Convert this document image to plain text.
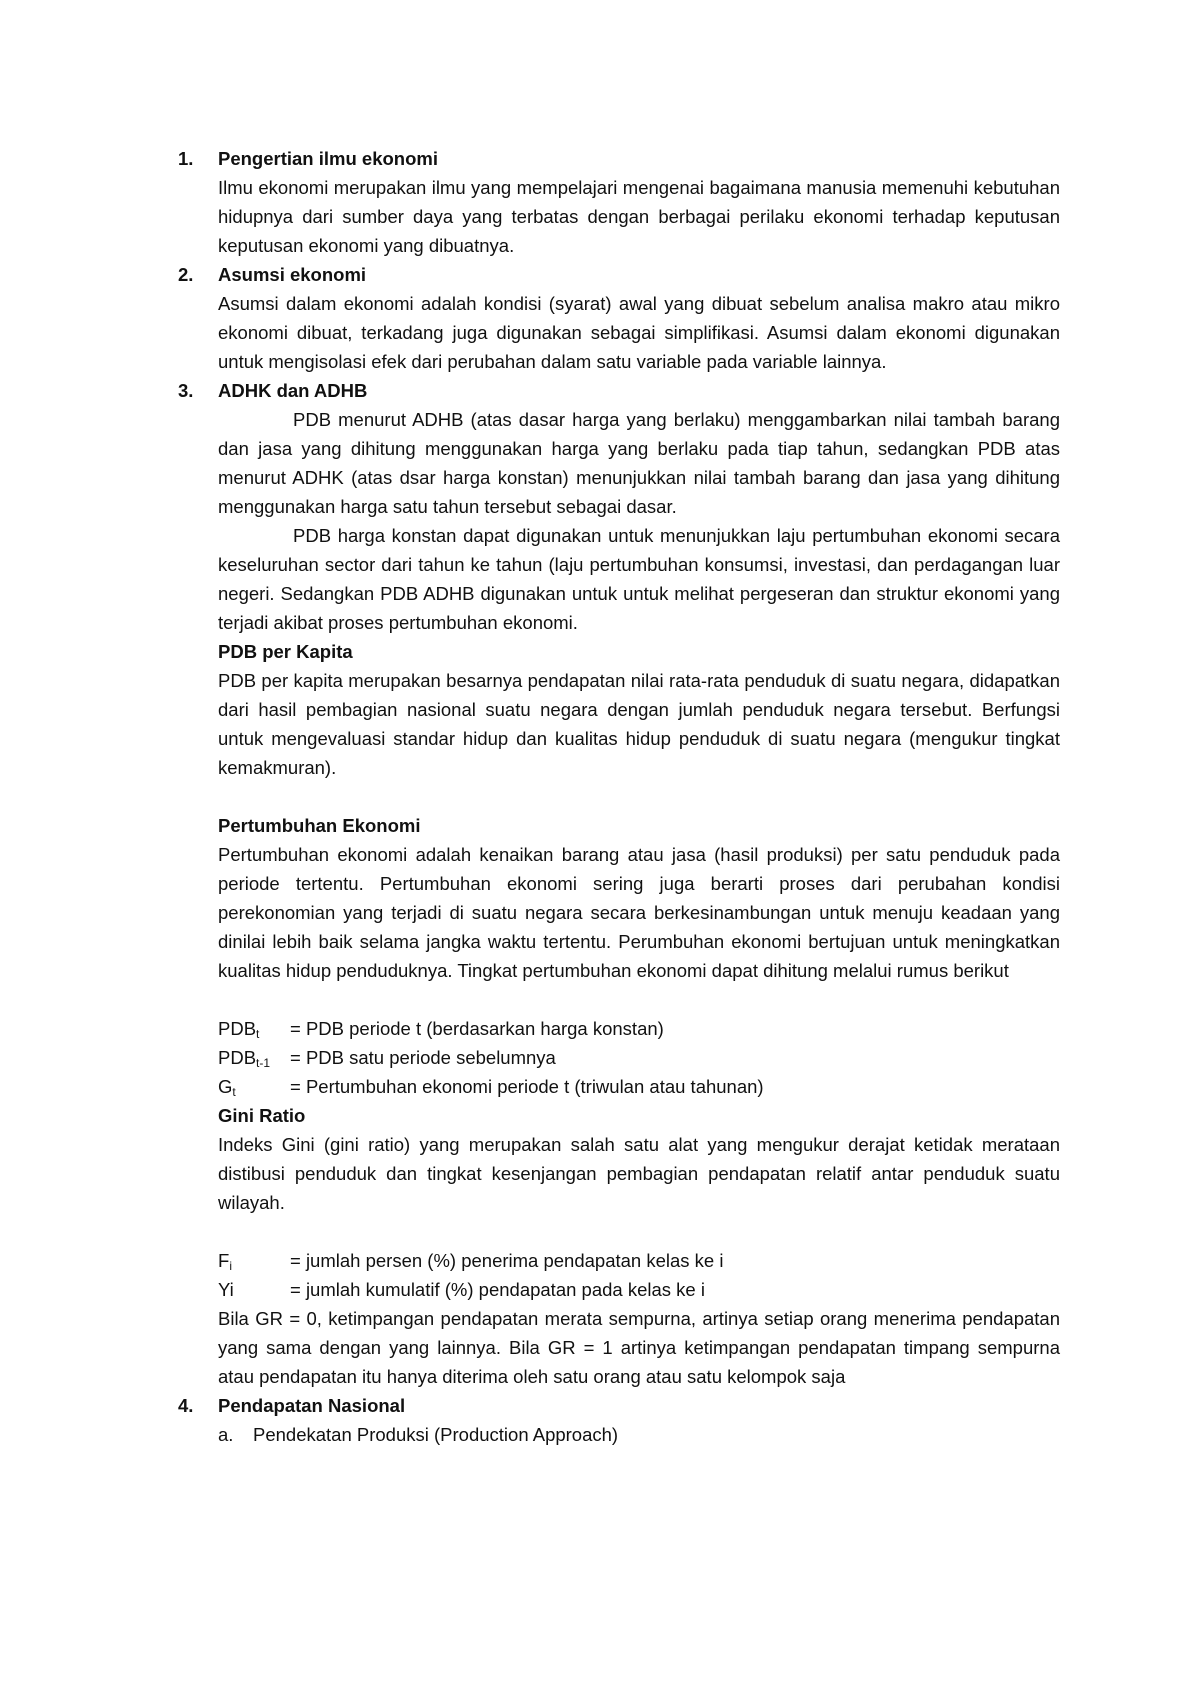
1. Pengertian ilmu ekonomi
Ilmu ekonomi merupakan ilmu yang mempelajari mengenai bagaimana manusia memenuhi kebutuhan hidupnya dari sumber daya yang terbatas dengan berbagai perilaku ekonomi terhadap keputusan keputusan ekonomi yang dibuatnya.
2. Asumsi ekonomi
Asumsi dalam ekonomi adalah kondisi (syarat) awal yang dibuat sebelum analisa makro atau mikro ekonomi dibuat, terkadang juga digunakan sebagai simplifikasi. Asumsi dalam ekonomi digunakan untuk mengisolasi efek dari perubahan dalam satu variable pada variable lainnya.
3. ADHK dan ADHB
PDB menurut ADHB (atas dasar harga yang berlaku) menggambarkan nilai tambah barang dan jasa yang dihitung menggunakan harga yang berlaku pada tiap tahun, sedangkan PDB atas menurut ADHK (atas dsar harga konstan) menunjukkan nilai tambah barang dan jasa yang dihitung menggunakan harga satu tahun tersebut sebagai dasar.
PDB harga konstan dapat digunakan untuk menunjukkan laju pertumbuhan ekonomi secara keseluruhan sector dari tahun ke tahun (laju pertumbuhan konsumsi, investasi, dan perdagangan luar negeri. Sedangkan PDB ADHB digunakan untuk untuk melihat pergeseran dan struktur ekonomi yang terjadi akibat proses pertumbuhan ekonomi.
PDB per Kapita
PDB per kapita merupakan besarnya pendapatan nilai rata-rata penduduk di suatu negara, didapatkan dari hasil pembagian nasional suatu negara dengan jumlah penduduk negara tersebut. Berfungsi untuk mengevaluasi standar hidup dan kualitas hidup penduduk di suatu negara (mengukur tingkat kemakmuran).
Pertumbuhan Ekonomi
Pertumbuhan ekonomi adalah kenaikan barang atau jasa (hasil produksi) per satu penduduk pada periode tertentu. Pertumbuhan ekonomi sering juga berarti proses dari perubahan kondisi perekonomian yang terjadi di suatu negara secara berkesinambungan untuk menuju keadaan yang dinilai lebih baik selama jangka waktu tertentu. Perumbuhan ekonomi bertujuan untuk meningkatkan kualitas hidup penduduknya. Tingkat pertumbuhan ekonomi dapat dihitung melalui rumus berikut
$PDB_t$	= PDB periode t (berdasarkan harga konstan)
$PDB_{t-1}$	= PDB satu periode sebelumnya
$G_t$	= Pertumbuhan ekonomi periode t (triwulan atau tahunan)
Gini Ratio
Indeks Gini (gini ratio) yang merupakan salah satu alat yang mengukur derajat ketidak merataan distibusi penduduk dan tingkat kesenjangan pembagian pendapatan relatif antar penduduk suatu wilayah.
$F_i$	= jumlah persen (%) penerima pendapatan kelas ke i
Yi	= jumlah kumulatif (%) pendapatan pada kelas ke i
Bila GR = 0, ketimpangan pendapatan merata sempurna, artinya setiap orang menerima pendapatan yang sama dengan yang lainnya. Bila GR = 1 artinya ketimpangan pendapatan timpang sempurna atau pendapatan itu hanya diterima oleh satu orang atau satu kelompok saja
4. Pendapatan Nasional
a.	Pendekatan Produksi (Production Approach)
